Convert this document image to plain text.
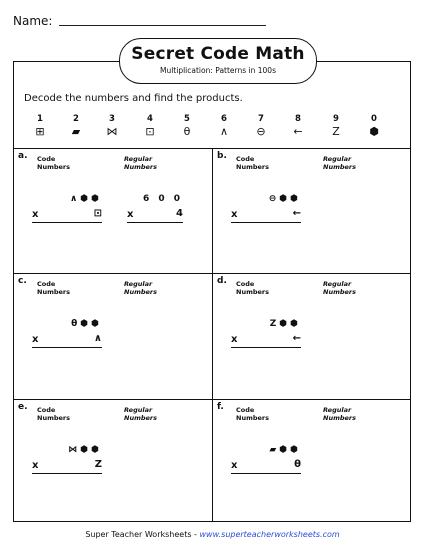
Name:
Secret Code Math
Multiplication: Patterns in 100s
Decode the numbers and find the products.
1
⊞
2
▰
3
⋈
4
⊡
5
θ
6
∧
7
⊖
8
←
9
Z
0
⬢
a. Code Numbers
Regular Numbers
∧⬢⬢
x	⊡
6 0 0
x	4
b. Code Numbers
Regular Numbers
⊖⬢⬢
x	←
c. Code Numbers
Regular Numbers
θ⬢⬢
x	∧
d. Code Numbers
Regular Numbers
Z⬢⬢
x	←
e. Code Numbers
Regular Numbers
⋈⬢⬢
x	Z
f. Code Numbers
Regular Numbers
▰⬢⬢
x	θ
Super Teacher Worksheets - www.superteacherworksheets.com
